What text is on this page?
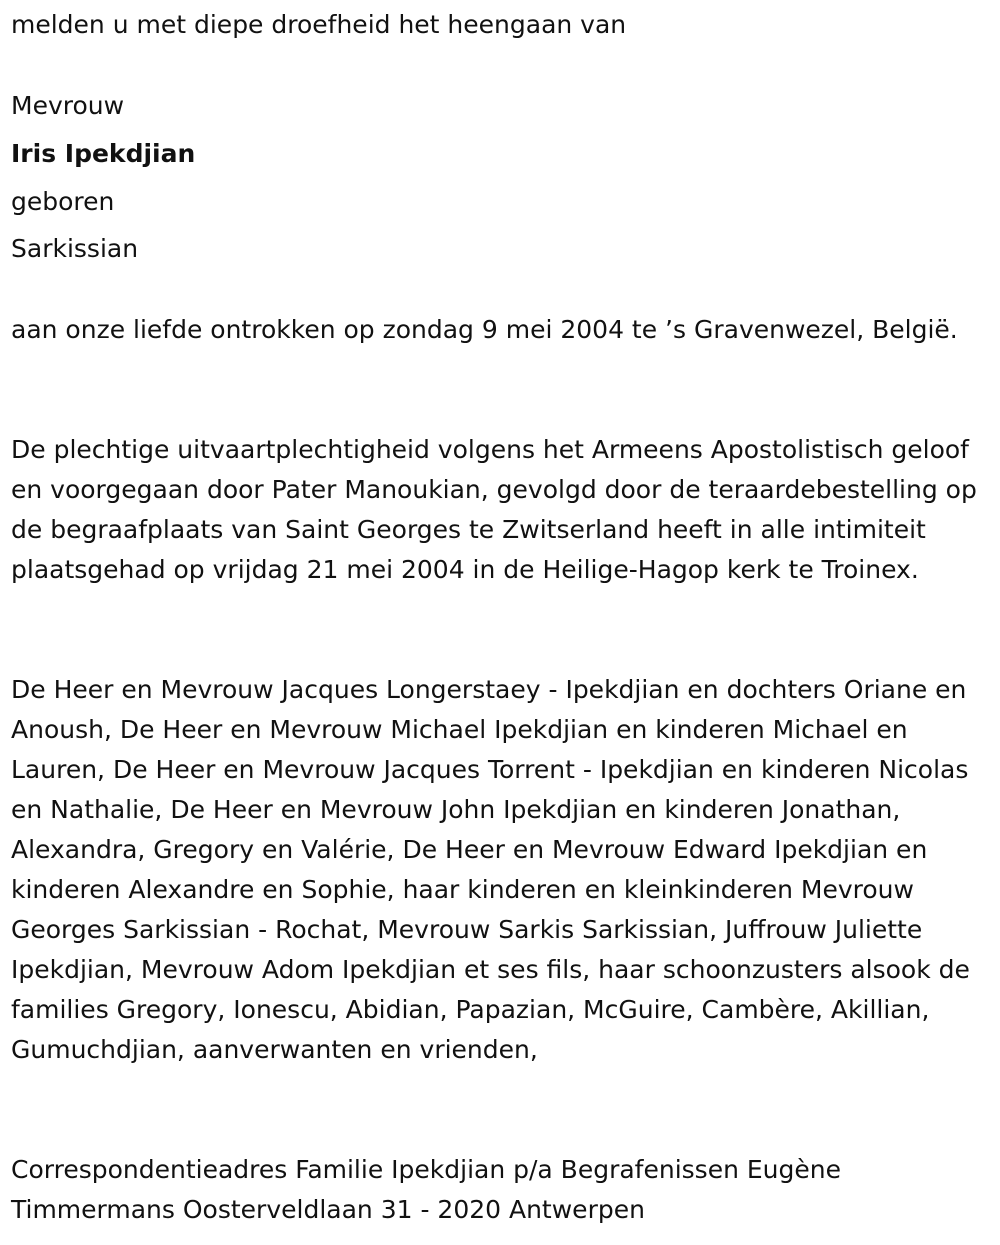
melden u met diepe droefheid het heengaan van

Mevrouw

Iris Ipekdjian

geboren

Sarkissian

aan onze liefde ontrokken op zondag 9 mei 2004 te ’s Gravenwezel, België.

De plechtige uitvaartplechtigheid volgens het Armeens Apostolistisch geloof en voorgegaan door Pater Manoukian, gevolgd door de teraardebestelling op de begraafplaats van Saint Georges te Zwitserland heeft in alle intimiteit plaatsgehad op vrijdag 21 mei 2004 in de Heilige-Hagop kerk te Troinex.

De Heer en Mevrouw Jacques Longerstaey - Ipekdjian en dochters Oriane en Anoush, De Heer en Mevrouw Michael Ipekdjian en kinderen Michael en Lauren, De Heer en Mevrouw Jacques Torrent - Ipekdjian en kinderen Nicolas en Nathalie, De Heer en Mevrouw John Ipekdjian en kinderen Jonathan, Alexandra, Gregory en Valérie, De Heer en Mevrouw Edward Ipekdjian en kinderen Alexandre en Sophie, haar kinderen en kleinkinderen Mevrouw Georges Sarkissian - Rochat, Mevrouw Sarkis Sarkissian, Juffrouw Juliette Ipekdjian, Mevrouw Adom Ipekdjian et ses fils, haar schoonzusters alsook de families Gregory, Ionescu, Abidian, Papazian, McGuire, Cambère, Akillian, Gumuchdjian, aanverwanten en vrienden,

Correspondentieadres Familie Ipekdjian p/a Begrafenissen Eugène Timmermans Oosterveldlaan 31 - 2020 Antwerpen
